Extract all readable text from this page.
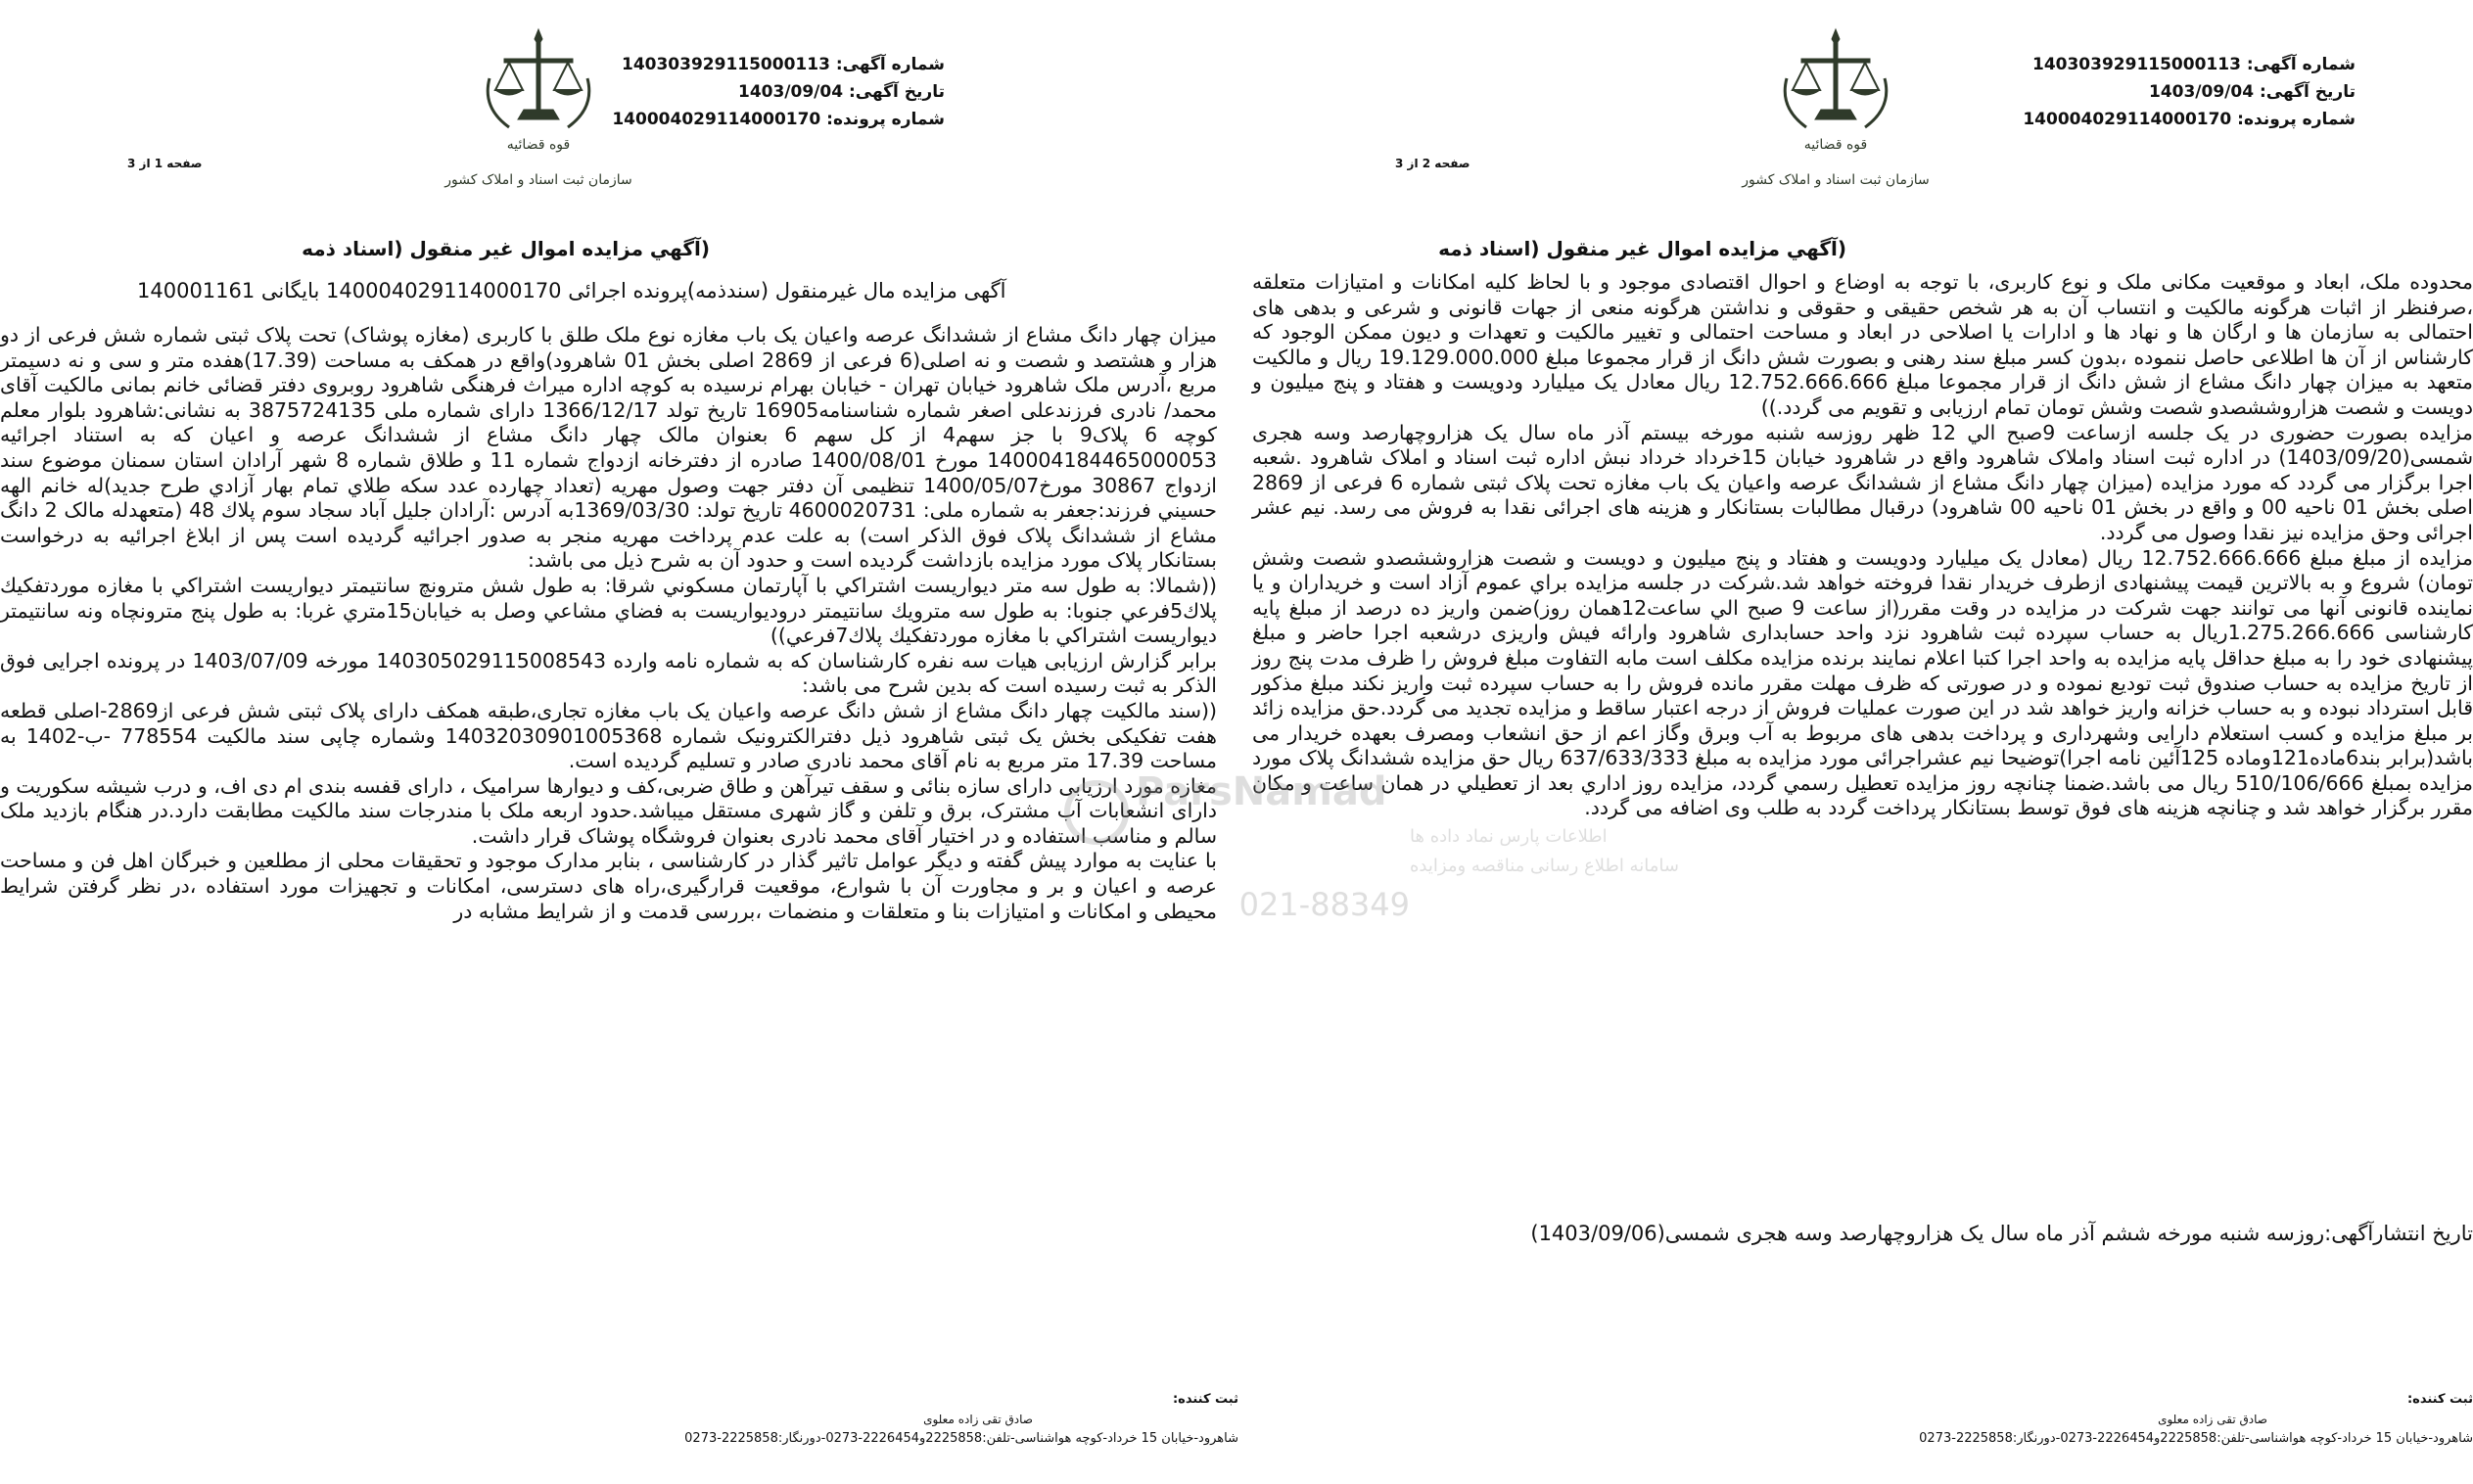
قوه قضائیه
سازمان ثبت اسناد و املاک کشور
شماره آگهی: 140303929115000113
تاریخ آگهی: 1403/09/04
شماره پرونده: 140004029114000170
صفحه 2 از 3
(آگهي مزايده اموال غير منقول (اسناد ذمه

محدوده ملک، ابعاد و موقعیت مکانی ملک و نوع کاربری، با توجه به اوضاع و احوال اقتصادی موجود و با لحاظ کلیه امکانات و امتیازات متعلقه ،صرفنظر از اثبات هرگونه مالکیت و انتساب آن به هر شخص حقیقی و حقوقی و نداشتن هرگونه منعی از جهات قانونی و شرعی و بدهی های احتمالی به سازمان ها و ارگان ها و نهاد ها و ادارات یا اصلاحی در ابعاد و مساحت احتمالی و تغییر مالکیت و تعهدات و دیون ممکن الوجود که کارشناس از آن ها اطلاعی حاصل ننموده ،بدون کسر مبلغ سند رهنی و بصورت شش دانگ از قرار مجموعا مبلغ 19.129.000.000 ریال و مالکیت متعهد به میزان چهار دانگ مشاع از شش دانگ از قرار مجموعا مبلغ 12.752.666.666 ریال معادل یک میلیارد ودویست و هفتاد و پنج میلیون و دویست و شصت هزاروششصدو شصت وشش تومان تمام ارزیابی و تقویم می گردد.))

مزایده بصورت حضوری در یک جلسه ازساعت 9صبح الي 12 ظهر روزسه شنبه مورخه بيستم آذر ماه سال يک هزاروچهارصد وسه هجری شمسی(1403/09/20) در اداره ثبت اسناد واملاک شاهرود واقع در شاهرود خیابان 15خرداد خرداد نبش اداره ثبت اسناد و املاک شاهرود .شعبه اجرا برگزار می گردد که مورد مزایده (میزان چهار دانگ مشاع از ششدانگ عرصه واعیان یک باب مغازه تحت پلاک ثبتی شماره 6 فرعی از 2869 اصلی بخش 01 ناحیه 00 و واقع در بخش 01 ناحیه 00 شاهرود) درقبال مطالبات بستانکار و هزینه های اجرائی نقدا به فروش می رسد. نیم عشر اجرائی وحق مزایده نیز نقدا وصول می گردد.

مزایده از مبلغ مبلغ 12.752.666.666 ریال (معادل یک میلیارد ودویست و هفتاد و پنج میلیون و دویست و شصت هزاروششصدو شصت وشش تومان) شروع و به بالاترین قیمت پیشنهادی ازطرف خریدار نقدا فروخته خواهد شد.شرکت در جلسه مزایده براي عموم آزاد است و خریداران و یا نماینده قانونی آنها می توانند جهت شرکت در مزایده در وقت مقرر(از ساعت 9 صبح الي ساعت12همان روز)ضمن واریز ده درصد از مبلغ پایه کارشناسی 1.275.266.666ریال به حساب سپرده ثبت شاهرود نزد واحد حسابداری شاهرود وارائه فیش واریزی درشعبه اجرا حاضر و مبلغ پیشنهادی خود را به مبلغ حداقل پایه مزایده به واحد اجرا کتبا اعلام نمایند برنده مزایده مکلف است مابه التفاوت مبلغ فروش را ظرف مدت پنج روز از تاریخ مزایده به حساب صندوق ثبت تودیع نموده و در صورتی که ظرف مهلت مقرر مانده فروش را به حساب سپرده ثبت واریز نکند مبلغ مذکور قابل استرداد نبوده و به حساب خزانه واریز خواهد شد در این صورت عملیات فروش از درجه اعتبار ساقط و مزایده تجدید می گردد.حق مزایده زائد بر مبلغ مزایده و کسب استعلام دارایی وشهرداری و پرداخت بدهی های مربوط به آب وبرق وگاز اعم از حق انشعاب ومصرف بعهده خریدار می باشد(برابر بند6ماده121وماده 125آئین نامه اجرا)توضیحا نیم عشراجرائی مورد مزایده به مبلغ 637/633/333 ریال حق مزایده ششدانگ پلاک مورد مزایده بمبلغ 510/106/666 ریال می باشد.ضمنا چنانچه روز مزایده تعطیل رسمي گردد، مزایده روز اداري بعد از تعطیلي در همان ساعت و مکان مقرر برگزار خواهد شد و چنانچه هزینه های فوق توسط بستانکار پرداخت گردد به طلب وی اضافه می گردد.

تاریخ انتشارآگهی:روزسه شنبه مورخه ششم آذر ماه سال یک هزاروچهارصد وسه هجری شمسی(1403/09/06)
ثبت کننده:
صادق تقی زاده معلوی
شاهرود-خیابان 15 خرداد-کوچه هواشناسی-تلفن:2225858و2226454-0273-دورنگار:2225858-0273
قوه قضائیه
سازمان ثبت اسناد و املاک کشور
شماره آگهی: 140303929115000113
تاریخ آگهی: 1403/09/04
شماره پرونده: 140004029114000170
صفحه 1 از 3
(آگهي مزايده اموال غير منقول (اسناد ذمه
آگهی مزایده مال غیرمنقول (سندذمه)پرونده اجرائی 140004029114000170 بایگانی 140001161

میزان چهار دانگ مشاع از ششدانگ عرصه واعیان یک باب مغازه نوع ملک طلق با کاربری (مغازه پوشاک) تحت پلاک ثبتی شماره شش فرعی از دو هزار و هشتصد و شصت و نه اصلی(6 فرعی از 2869 اصلی بخش 01 شاهرود)واقع در همکف به مساحت (17.39)هفده متر و سی و نه دسیمتر مربع ،آدرس ملک شاهرود خیابان تهران - خیابان بهرام نرسیده به کوچه اداره میراث فرهنگی شاهرود روبروی دفتر قضائی خانم بمانی مالکیت آقای محمد/ نادری فرزندعلی اصغر شماره شناسنامه16905 تاریخ تولد 1366/12/17 دارای شماره ملی 3875724135 به نشانی:شاهرود بلوار معلم کوچه 6 پلاک9 با جز سهم4 از کل سهم 6 بعنوان مالک چهار دانگ مشاع از ششدانگ عرصه و اعیان که به استناد اجرائیه 140004184465000053 مورخ 1400/08/01 صادره از دفترخانه ازدواج شماره 11 و طلاق شماره 8 شهر آرادان استان سمنان موضوع سند ازدواج 30867 مورخ1400/05/07 تنظیمی آن دفتر جهت وصول مهریه (تعداد چهارده عدد سکه طلاي تمام بهار آزادي طرح جدید)له خانم الهه حسيني فرزند:جعفر به شماره ملی: 4600020731 تاریخ تولد: 1369/03/30به آدرس :آرادان جلیل آباد سجاد سوم پلاك 48 (متعهدله مالک 2 دانگ مشاع از ششدانگ پلاک فوق الذکر است) به علت عدم پرداخت مهریه منجر به صدور اجرائیه گردیده است پس از ابلاغ اجرائیه به درخواست بستانکار پلاک مورد مزایده بازداشت گردیده است و حدود آن به شرح ذیل می باشد:

((شمالا: به طول سه متر دیواریست اشتراکي با آپارتمان مسکوني شرقا: به طول شش مترونچ سانتیمتر دیواریست اشتراکي با مغازه موردتفکيك پلاك5فرعي جنوبا: به طول سه مترويك سانتيمتر درودیواریست به فضاي مشاعي وصل به خيابان15متري غربا: به طول پنج مترونچاه ونه سانتيمتر دیواریست اشتراکي با مغازه موردتفکيك پلاك7فرعي))

برابر گزارش ارزیابی هیات سه نفره کارشناسان که به شماره نامه وارده 140305029115008543 مورخه 1403/07/09 در پرونده اجرایی فوق الذکر به ثبت رسیده است که بدین شرح می باشد:

((سند مالکیت چهار دانگ مشاع از شش دانگ عرصه واعیان یک باب مغازه تجاری،طبقه همکف دارای پلاک ثبتی شش فرعی از2869-اصلی قطعه هفت تفکیکی بخش یک ثبتی شاهرود ذیل دفترالکترونیک شماره 140320309010053​68 وشماره چاپی سند مالکیت 778554 -ب-1402 به مساحت 17.39 متر مربع به نام آقای محمد نادری صادر و تسلیم گردیده است.

مغازه مورد ارزیابی دارای سازه بنائی و سقف تیرآهن و طاق ضربی،کف و دیوارها سرامیک ، دارای قفسه بندی ام دی اف، و درب شیشه سکوریت و دارای انشعابات آب مشترک، برق و تلفن و گاز شهری مستقل میباشد.حدود اربعه ملک با مندرجات سند مالکیت مطابقت دارد.در هنگام بازدید ملک سالم و مناسب استفاده و در اختیار آقای محمد نادری بعنوان فروشگاه پوشاک قرار داشت.

با عنایت به موارد پیش گفته و دیگر عوامل تاثیر گذار در کارشناسی ، بنابر مدارک موجود و تحقیقات محلی از مطلعین و خبرگان اهل فن و مساحت عرصه و اعیان و بر و مجاورت آن با شوارع، موقعیت قرارگیری،راه های دسترسی، امکانات و تجهیزات مورد استفاده ،در نظر گرفتن شرایط محیطی و امکانات و امتیازات بنا و متعلقات و منضمات ،بررسی قدمت و از شرایط مشابه در

ثبت کننده:
صادق تقی زاده معلوی
شاهرود-خیابان 15 خرداد-کوچه هواشناسی-تلفن:2225858و2226454-0273-دورنگار:2225858-0273
ParsNamad
اطلاعات پارس نماد داده ها
سامانه اطلاع رسانی مناقصه ومزایده
021-88349
